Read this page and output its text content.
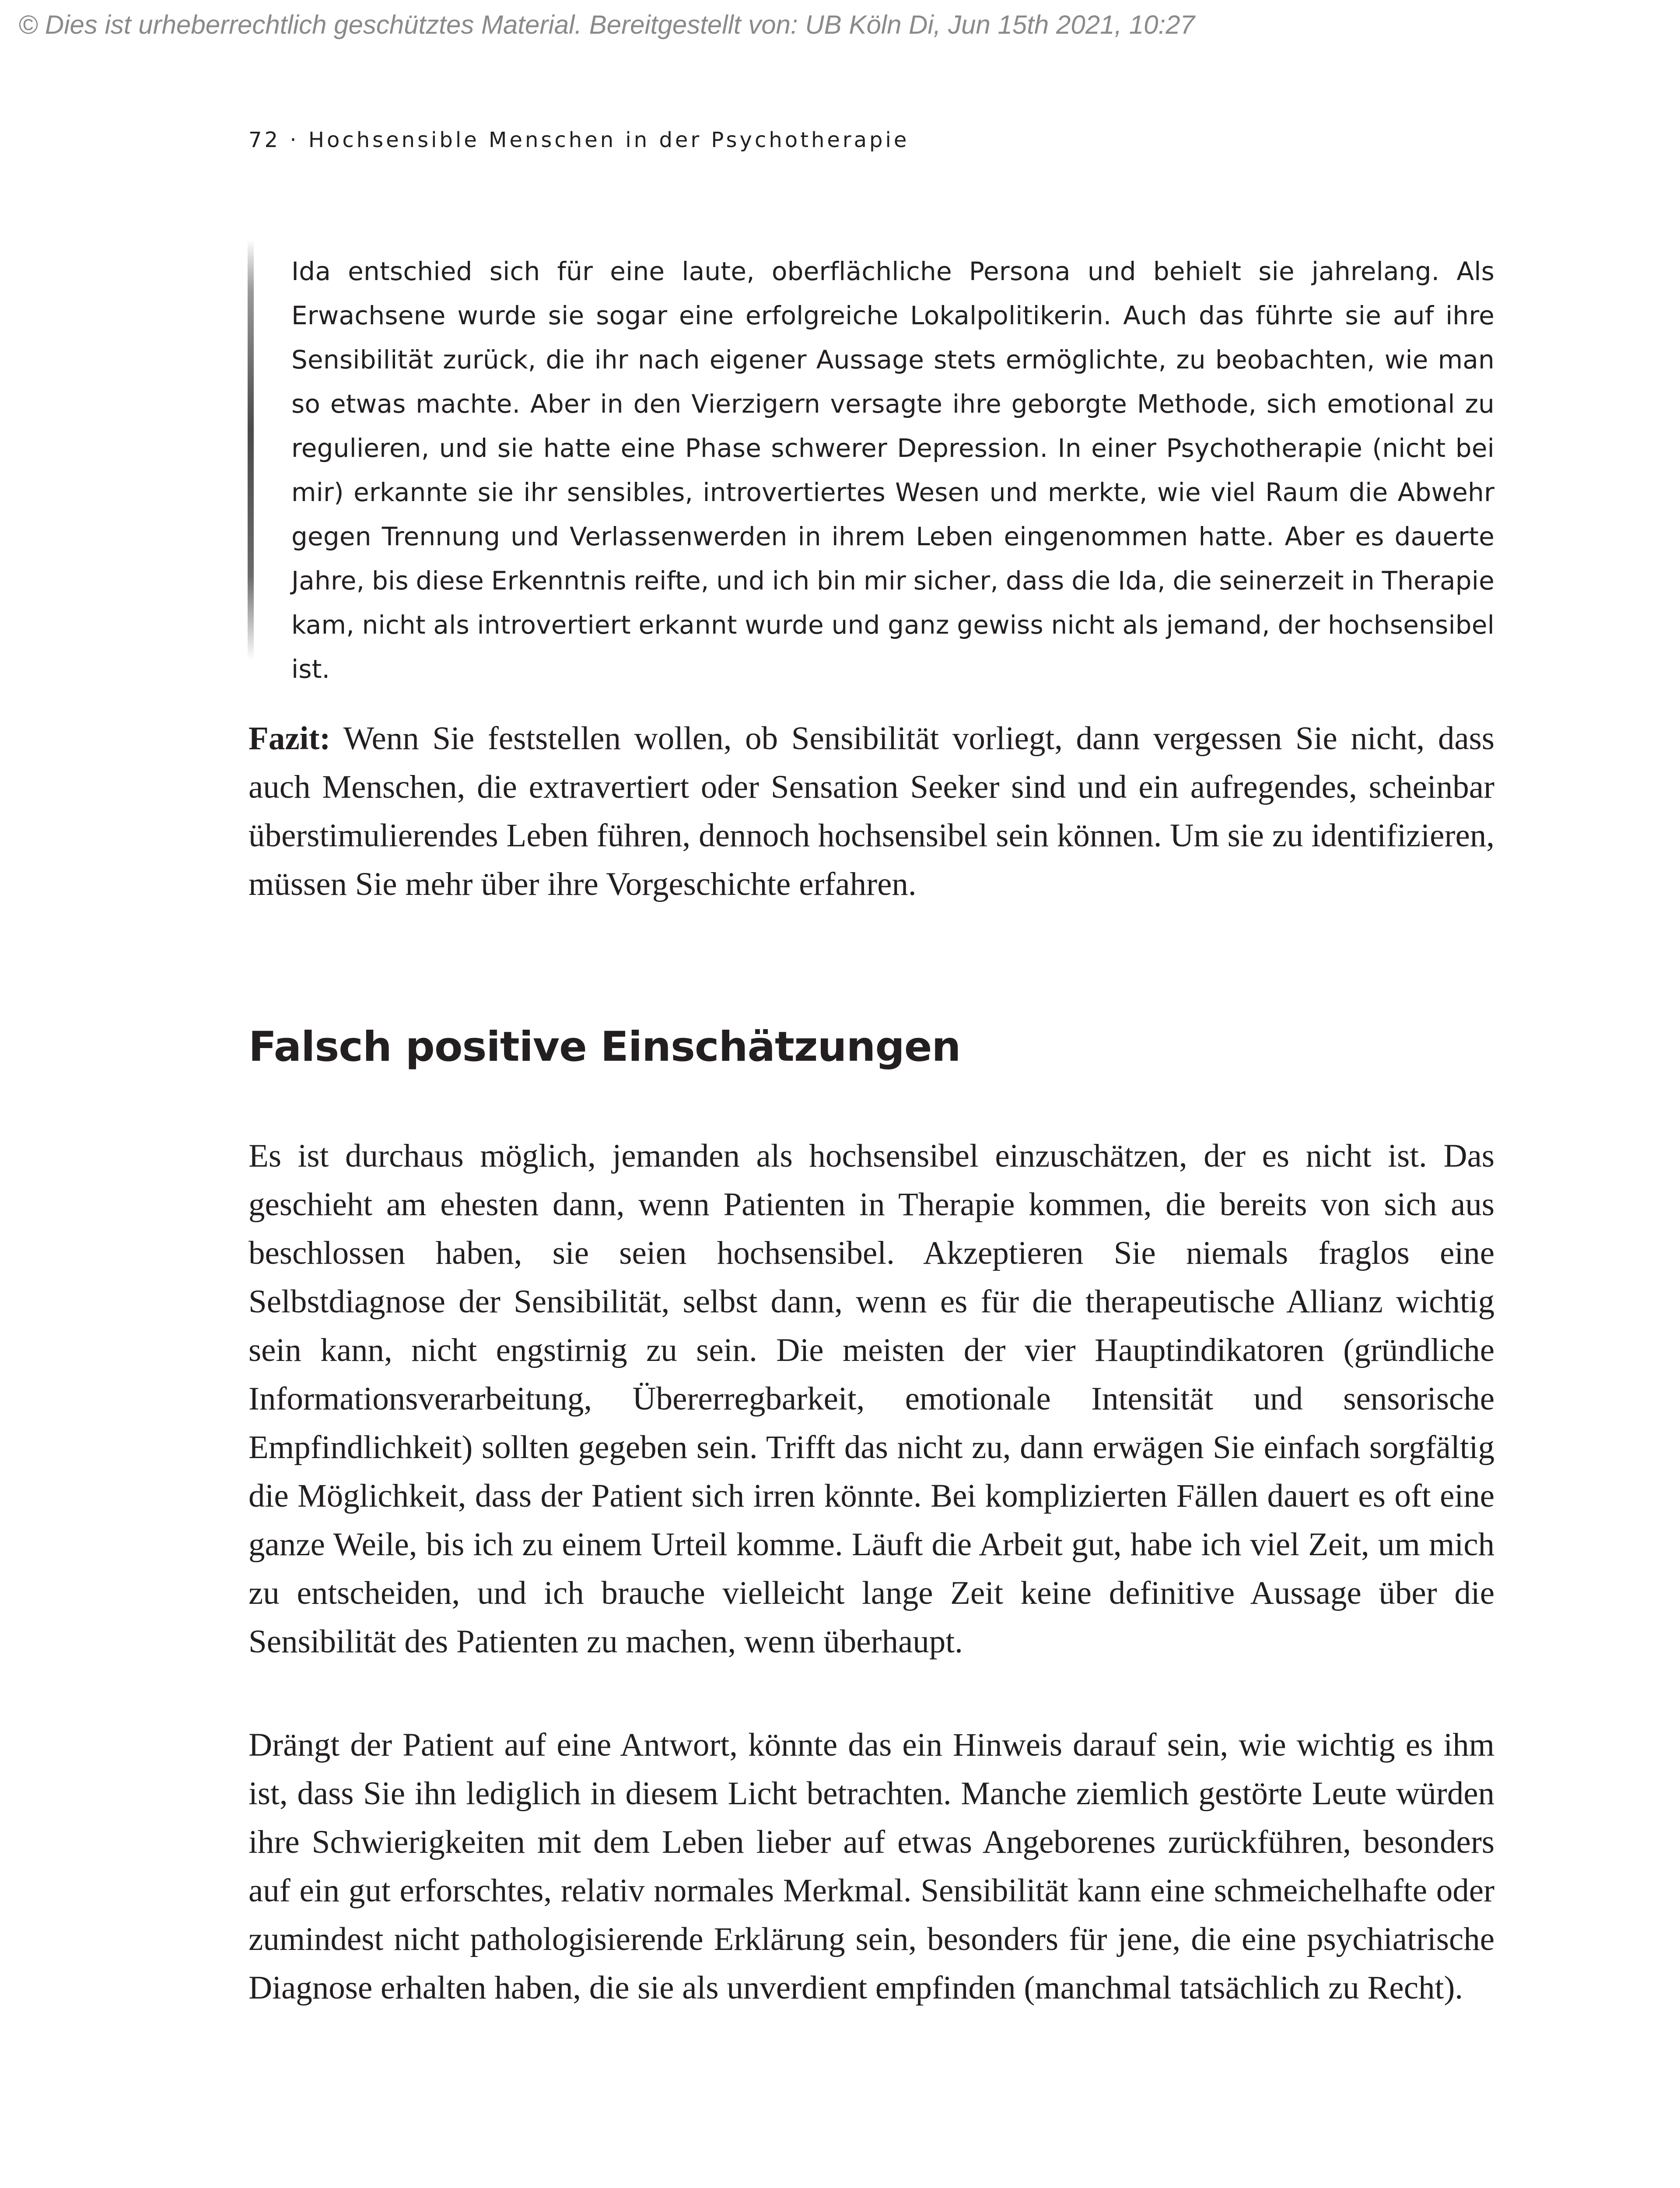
© Dies ist urheberrechtlich geschütztes Material. Bereitgestellt von: UB Köln Di, Jun 15th 2021, 10:27
72 · Hochsensible Menschen in der Psychotherapie

Ida entschied sich für eine laute, oberflächliche Persona und behielt sie jahrelang. Als Erwachsene wurde sie sogar eine erfolgreiche Lokalpolitikerin. Auch das führte sie auf ihre Sensibilität zurück, die ihr nach eigener Aussage stets ermöglichte, zu beobachten, wie man so etwas machte. Aber in den Vierzigern versagte ihre geborgte Methode, sich emotional zu regulieren, und sie hatte eine Phase schwerer Depression. In einer Psychotherapie (nicht bei mir) erkannte sie ihr sensibles, introvertiertes Wesen und merkte, wie viel Raum die Abwehr gegen Trennung und Verlassenwerden in ihrem Leben eingenommen hatte. Aber es dauerte Jahre, bis diese Erkenntnis reifte, und ich bin mir sicher, dass die Ida, die seinerzeit in Therapie kam, nicht als introvertiert erkannt wurde und ganz gewiss nicht als jemand, der hochsensibel ist.

Fazit: Wenn Sie feststellen wollen, ob Sensibilität vorliegt, dann vergessen Sie nicht, dass auch Menschen, die extravertiert oder Sensation Seeker sind und ein aufregendes, scheinbar überstimulierendes Leben führen, dennoch hochsensibel sein können. Um sie zu identifizieren, müssen Sie mehr über ihre Vorgeschichte erfahren.

Falsch positive Einschätzungen

Es ist durchaus möglich, jemanden als hochsensibel einzuschätzen, der es nicht ist. Das geschieht am ehesten dann, wenn Patienten in Therapie kommen, die bereits von sich aus beschlossen haben, sie seien hochsensibel. Akzeptieren Sie niemals fraglos eine Selbstdiagnose der Sensibilität, selbst dann, wenn es für die therapeutische Allianz wichtig sein kann, nicht engstirnig zu sein. Die meisten der vier Hauptindikatoren (gründliche Informationsverarbeitung, Übererregbarkeit, emotionale Intensität und sensorische Empfindlichkeit) sollten gegeben sein. Trifft das nicht zu, dann erwägen Sie einfach sorgfältig die Möglichkeit, dass der Patient sich irren könnte. Bei komplizierten Fällen dauert es oft eine ganze Weile, bis ich zu einem Urteil komme. Läuft die Arbeit gut, habe ich viel Zeit, um mich zu entscheiden, und ich brauche vielleicht lange Zeit keine definitive Aussage über die Sensibilität des Patienten zu machen, wenn überhaupt.

Drängt der Patient auf eine Antwort, könnte das ein Hinweis darauf sein, wie wichtig es ihm ist, dass Sie ihn lediglich in diesem Licht betrachten. Manche ziemlich gestörte Leute würden ihre Schwierigkeiten mit dem Leben lieber auf etwas Angeborenes zurückführen, besonders auf ein gut erforschtes, relativ normales Merkmal. Sensibilität kann eine schmeichelhafte oder zumindest nicht pathologisierende Erklärung sein, besonders für jene, die eine psychiatrische Diagnose erhalten haben, die sie als unverdient empfinden (manchmal tatsächlich zu Recht).
